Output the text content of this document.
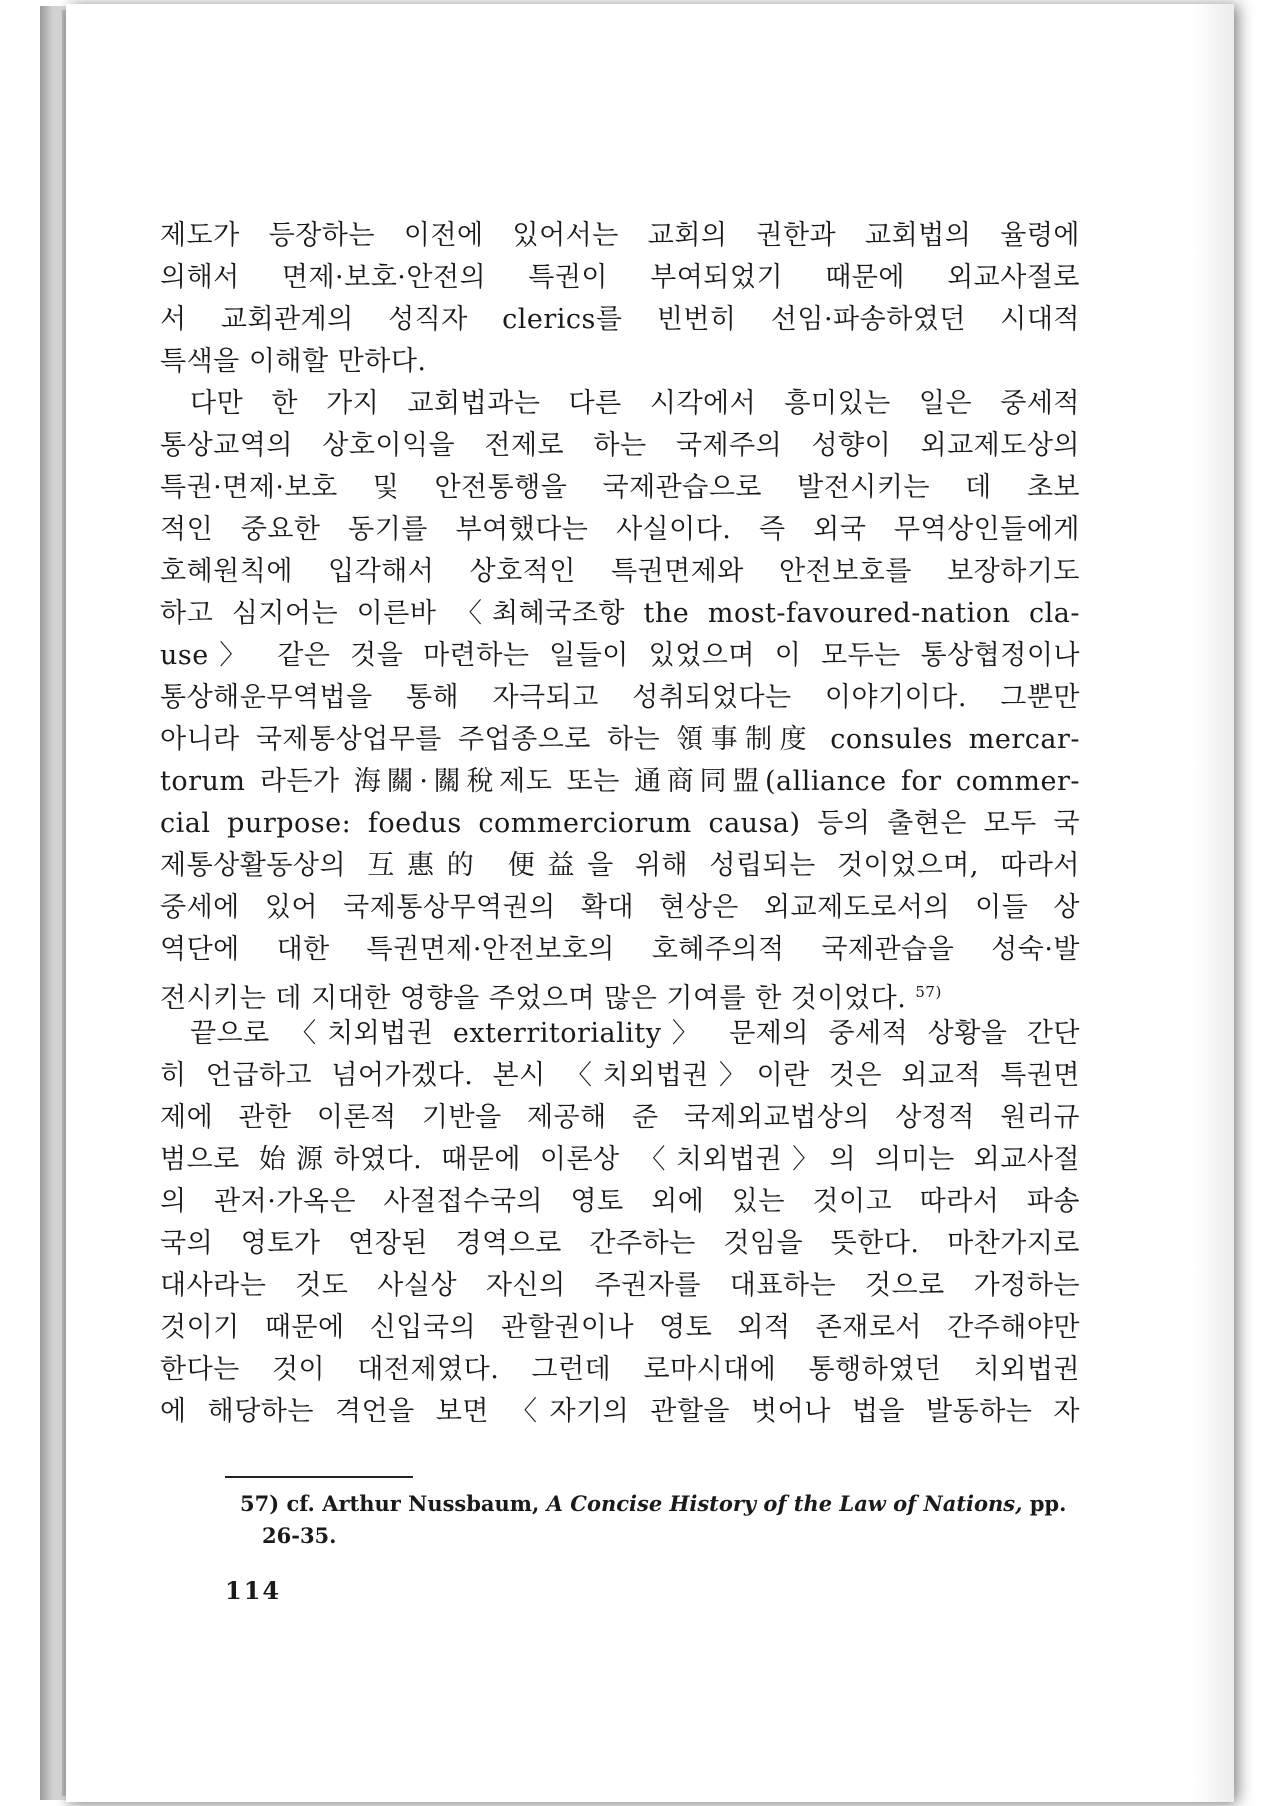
제도가 등장하는 이전에 있어서는 교회의 권한과 교회법의 율령에
의해서 면제·보호·안전의 특권이 부여되었기 때문에 외교사절로
서 교회관계의 성직자 clerics를 빈번히 선임·파송하였던 시대적
특색을 이해할 만하다.
다만 한 가지 교회법과는 다른 시각에서 흥미있는 일은 중세적
통상교역의 상호이익을 전제로 하는 국제주의 성향이 외교제도상의
특권·면제·보호 및 안전통행을 국제관습으로 발전시키는 데 초보
적인 중요한 동기를 부여했다는 사실이다. 즉 외국 무역상인들에게
호혜원칙에 입각해서 상호적인 특권면제와 안전보호를 보장하기도
하고 심지어는 이른바 〈최혜국조항 the most-favoured-nation cla-
use〉 같은 것을 마련하는 일들이 있었으며 이 모두는 통상협정이나
통상해운무역법을 통해 자극되고 성취되었다는 이야기이다. 그뿐만
아니라 국제통상업무를 주업종으로 하는 領事制度 consules mercar-
torum 라든가 海關·關稅제도 또는 通商同盟(alliance for commer-
cial purpose: foedus commerciorum causa) 등의 출현은 모두 국
제통상활동상의 互惠的 便益을 위해 성립되는 것이었으며, 따라서
중세에 있어 국제통상무역권의 확대 현상은 외교제도로서의 이들 상
역단에 대한 특권면제·안전보호의 호혜주의적 국제관습을 성숙·발
전시키는 데 지대한 영향을 주었으며 많은 기여를 한 것이었다. $^{57)}$
끝으로 〈치외법권 exterritoriality〉 문제의 중세적 상황을 간단
히 언급하고 넘어가겠다. 본시 〈치외법권〉이란 것은 외교적 특권면
제에 관한 이론적 기반을 제공해 준 국제외교법상의 상정적 원리규
범으로 始源하였다. 때문에 이론상 〈치외법권〉의 의미는 외교사절
의 관저·가옥은 사절접수국의 영토 외에 있는 것이고 따라서 파송
국의 영토가 연장된 경역으로 간주하는 것임을 뜻한다. 마찬가지로
대사라는 것도 사실상 자신의 주권자를 대표하는 것으로 가정하는
것이기 때문에 신입국의 관할권이나 영토 외적 존재로서 간주해야만
한다는 것이 대전제였다. 그런데 로마시대에 통행하였던 치외법권
에 해당하는 격언을 보면 〈자기의 관할을 벗어나 법을 발동하는 자
57) cf. Arthur Nussbaum, A Concise History of the Law of Nations, pp.
26-35.
114
